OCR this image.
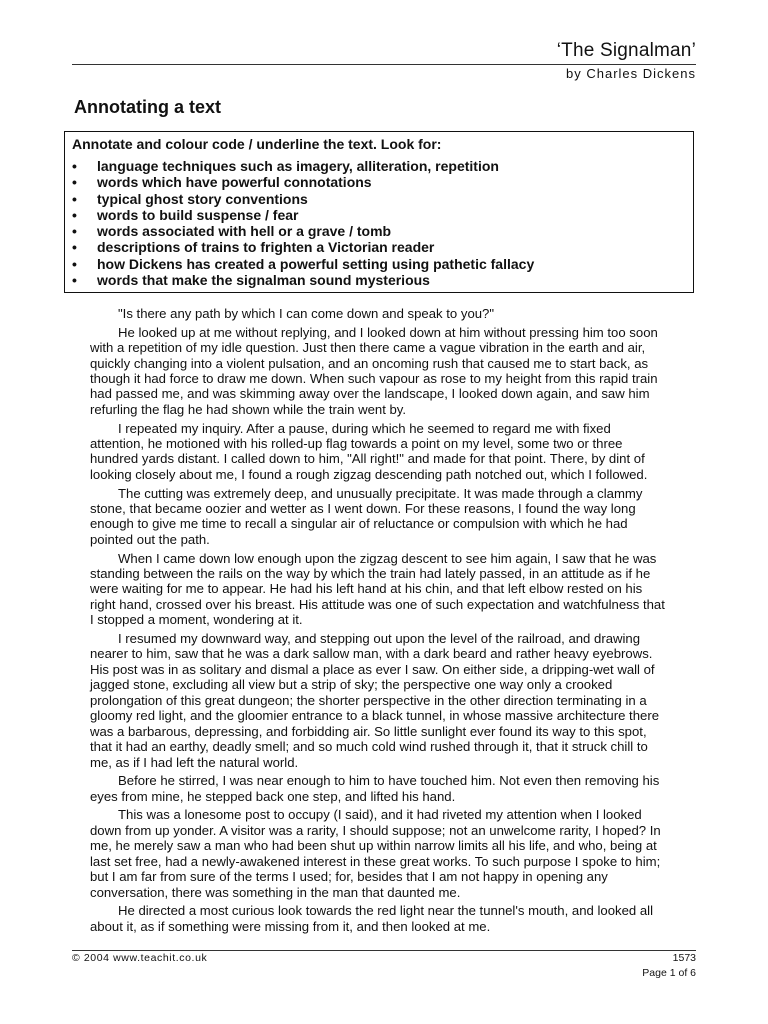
‘The Signalman’
by Charles Dickens
Annotating a text
Annotate and colour code / underline the text. Look for:
• language techniques such as imagery, alliteration, repetition
• words which have powerful connotations
• typical ghost story conventions
• words to build suspense / fear
• words associated with hell or a grave / tomb
• descriptions of trains to frighten a Victorian reader
• how Dickens has created a powerful setting using pathetic fallacy
• words that make the signalman sound mysterious

"Is there any path by which I can come down and speak to you?"

He looked up at me without replying, and I looked down at him without pressing him too soon with a repetition of my idle question. Just then there came a vague vibration in the earth and air, quickly changing into a violent pulsation, and an oncoming rush that caused me to start back, as though it had force to draw me down. When such vapour as rose to my height from this rapid train had passed me, and was skimming away over the landscape, I looked down again, and saw him refurling the flag he had shown while the train went by.

I repeated my inquiry. After a pause, during which he seemed to regard me with fixed attention, he motioned with his rolled-up flag towards a point on my level, some two or three hundred yards distant. I called down to him, "All right!" and made for that point. There, by dint of looking closely about me, I found a rough zigzag descending path notched out, which I followed.

The cutting was extremely deep, and unusually precipitate. It was made through a clammy stone, that became oozier and wetter as I went down. For these reasons, I found the way long enough to give me time to recall a singular air of reluctance or compulsion with which he had pointed out the path.

When I came down low enough upon the zigzag descent to see him again, I saw that he was standing between the rails on the way by which the train had lately passed, in an attitude as if he were waiting for me to appear. He had his left hand at his chin, and that left elbow rested on his right hand, crossed over his breast. His attitude was one of such expectation and watchfulness that I stopped a moment, wondering at it.

I resumed my downward way, and stepping out upon the level of the railroad, and drawing nearer to him, saw that he was a dark sallow man, with a dark beard and rather heavy eyebrows. His post was in as solitary and dismal a place as ever I saw. On either side, a dripping-wet wall of jagged stone, excluding all view but a strip of sky; the perspective one way only a crooked prolongation of this great dungeon; the shorter perspective in the other direction terminating in a gloomy red light, and the gloomier entrance to a black tunnel, in whose massive architecture there was a barbarous, depressing, and forbidding air. So little sunlight ever found its way to this spot, that it had an earthy, deadly smell; and so much cold wind rushed through it, that it struck chill to me, as if I had left the natural world.

Before he stirred, I was near enough to him to have touched him. Not even then removing his eyes from mine, he stepped back one step, and lifted his hand.

This was a lonesome post to occupy (I said), and it had riveted my attention when I looked down from up yonder. A visitor was a rarity, I should suppose; not an unwelcome rarity, I hoped? In me, he merely saw a man who had been shut up within narrow limits all his life, and who, being at last set free, had a newly-awakened interest in these great works. To such purpose I spoke to him; but I am far from sure of the terms I used; for, besides that I am not happy in opening any conversation, there was something in the man that daunted me.

He directed a most curious look towards the red light near the tunnel's mouth, and looked all about it, as if something were missing from it, and then looked at me.

© 2004 www.teachit.co.uk	1573
Page 1 of 6
